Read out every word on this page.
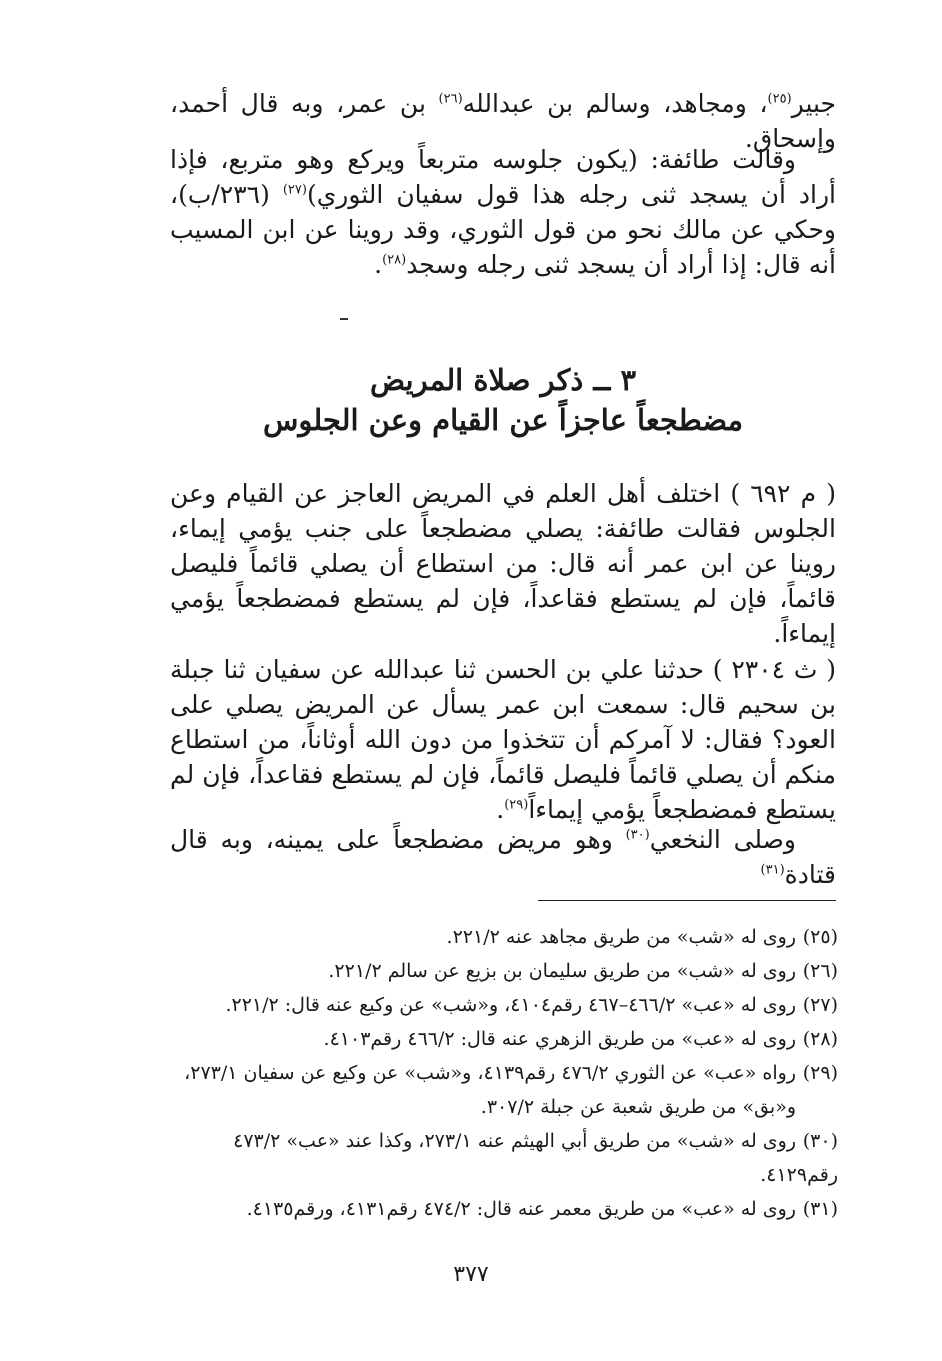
جبير$^{(٢٥)}$، ومجاهد، وسالم بن عبدالله$^{(٢٦)}$ بن عمر، وبه قال أحمد، وإسحاق.

وقالت طائفة: (يكون جلوسه متربعاً ويركع وهو متربع، فإذا أراد أن يسجد ثنى رجله هذا قول سفيان الثوري)$^{(٢٧)}$ (٢٣٦/ب)، وحكي عن مالك نحو من قول الثوري، وقد روينا عن ابن المسيب أنه قال: إذا أراد أن يسجد ثنى رجله وسجد$^{(٢٨)}$.

٣ ــ ذكر صلاة المريض
مضطجعاً عاجزاً عن القيام وعن الجلوس

( م ٦٩٢ ) اختلف أهل العلم في المريض العاجز عن القيام وعن الجلوس فقالت طائفة: يصلي مضطجعاً على جنب يؤمي إيماء، روينا عن ابن عمر أنه قال: من استطاع أن يصلي قائماً فليصل قائماً، فإن لم يستطع فقاعداً، فإن لم يستطع فمضطجعاً يؤمي إيماءاً.

( ث ٢٣٠٤ ) حدثنا علي بن الحسن ثنا عبدالله عن سفيان ثنا جبلة بن سحيم قال: سمعت ابن عمر يسأل عن المريض يصلي على العود؟ فقال: لا آمركم أن تتخذوا من دون الله أوثاناً، من استطاع منكم أن يصلي قائماً فليصل قائماً، فإن لم يستطع فقاعداً، فإن لم يستطع فمضطجعاً يؤمي إيماءاً$^{(٢٩)}$.

وصلى النخعي$^{(٣٠)}$ وهو مريض مضطجعاً على يمينه، وبه قال قتادة$^{(٣١)}$

(٢٥)روى له «شب» من طريق مجاهد عنه ٢٢١/٢.
(٢٦)روى له «شب» من طريق سليمان بن بزيع عن سالم ٢٢١/٢.
(٢٧)روى له «عب» ٤٦٦/٢–٤٦٧ رقم٤١٠٤، و«شب» عن وكيع عنه قال: ٢٢١/٢.
(٢٨)روى له «عب» من طريق الزهري عنه قال: ٤٦٦/٢ رقم٤١٠٣.
(٢٩)رواه «عب» عن الثوري ٤٧٦/٢ رقم٤١٣٩، و«شب» عن وكيع عن سفيان ٢٧٣/١،
و«بق» من طريق شعبة عن جبلة ٣٠٧/٢.
(٣٠)روى له «شب» من طريق أبي الهيثم عنه ٢٧٣/١، وكذا عند «عب» ٤٧٣/٢ رقم٤١٢٩.
(٣١)روى له «عب» من طريق معمر عنه قال: ٤٧٤/٢ رقم٤١٣١، ورقم٤١٣٥.
٣٧٧
